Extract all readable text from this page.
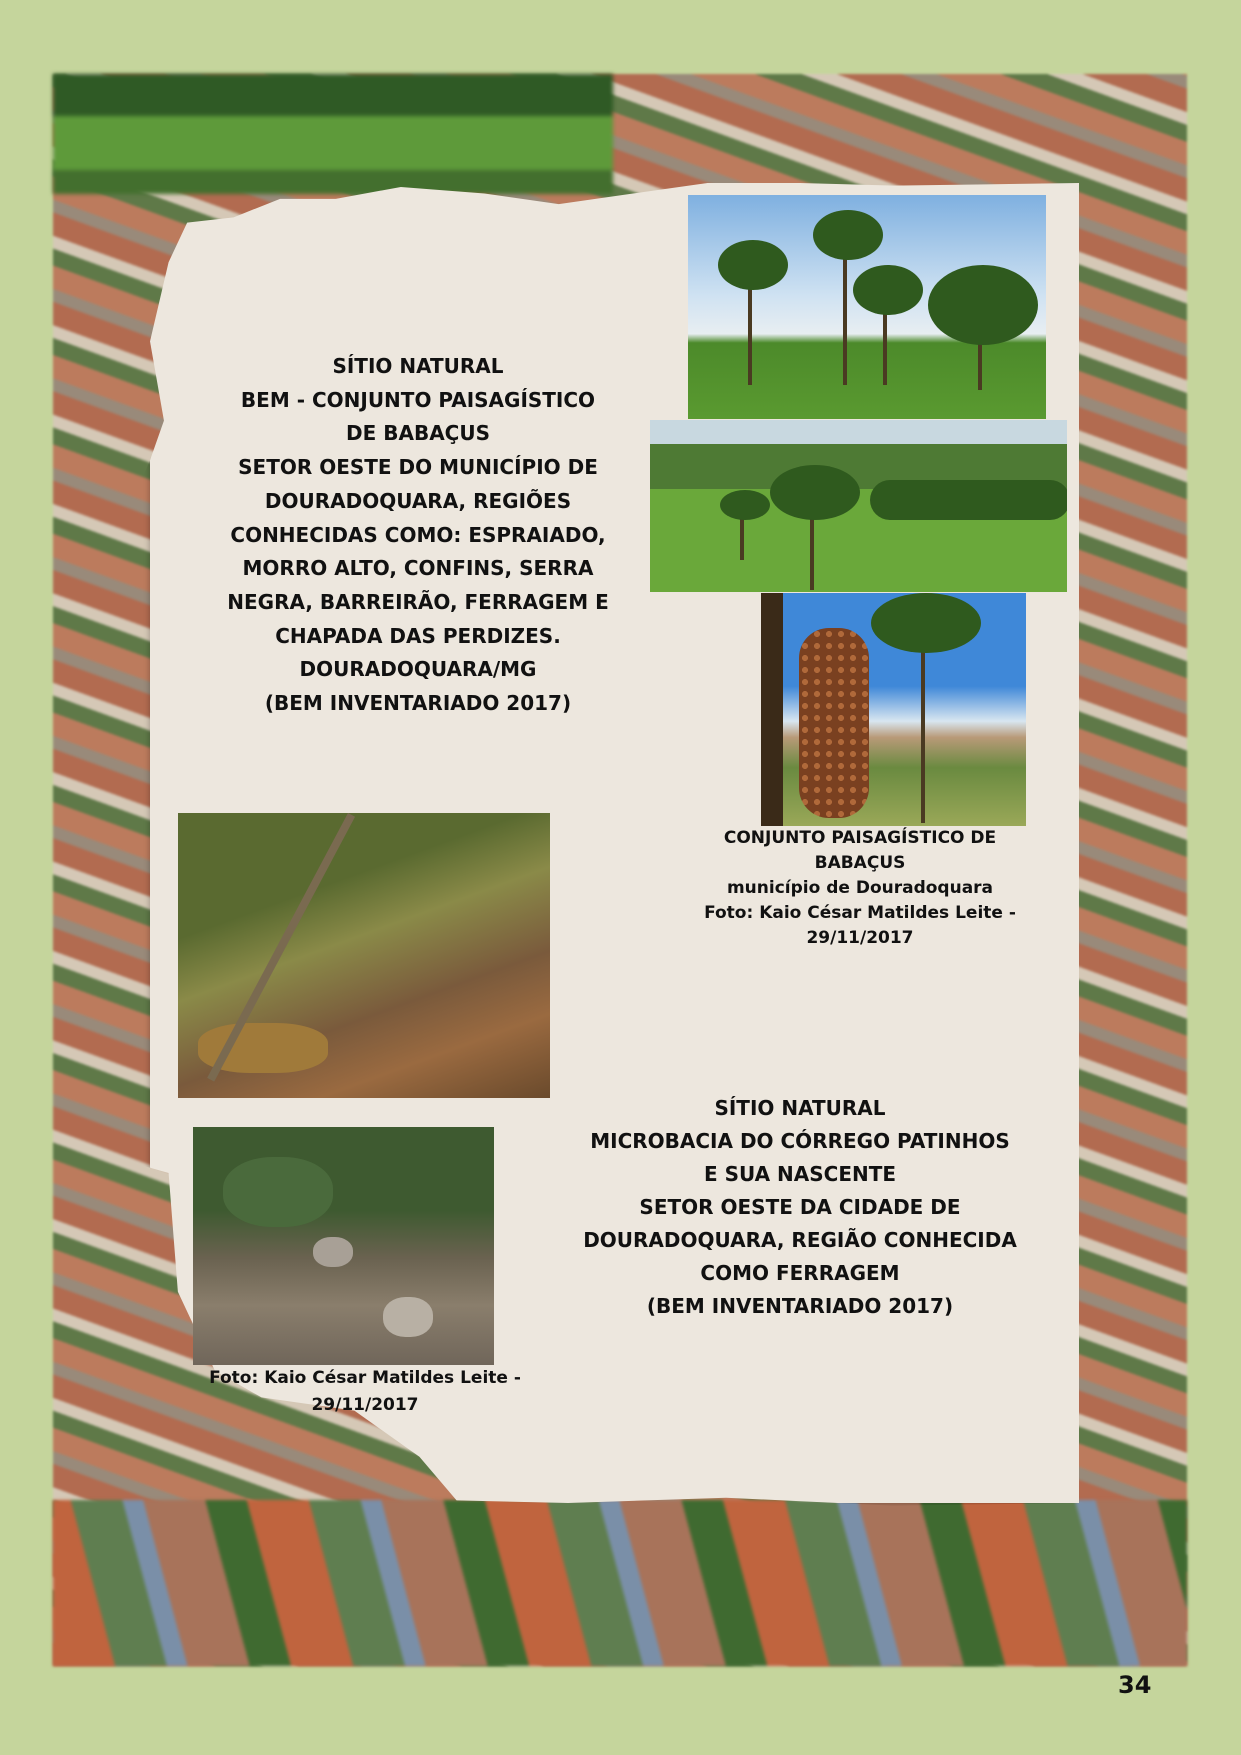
SÍTIO NATURAL
BEM - CONJUNTO PAISAGÍSTICO
DE BABAÇUS
SETOR OESTE DO MUNICÍPIO DE
DOURADOQUARA, REGIÕES
CONHECIDAS COMO: ESPRAIADO,
MORRO ALTO, CONFINS, SERRA
NEGRA, BARREIRÃO, FERRAGEM E
CHAPADA DAS PERDIZES.
DOURADOQUARA/MG
(BEM INVENTARIADO 2017)
CONJUNTO PAISAGÍSTICO DE
BABAÇUS
município de Douradoquara
Foto: Kaio César Matildes Leite -
29/11/2017
SÍTIO NATURAL
MICROBACIA DO CÓRREGO PATINHOS
E SUA NASCENTE
SETOR OESTE DA CIDADE DE
DOURADOQUARA, REGIÃO CONHECIDA
COMO FERRAGEM
(BEM INVENTARIADO 2017)
Foto: Kaio César Matildes Leite -
29/11/2017
34
